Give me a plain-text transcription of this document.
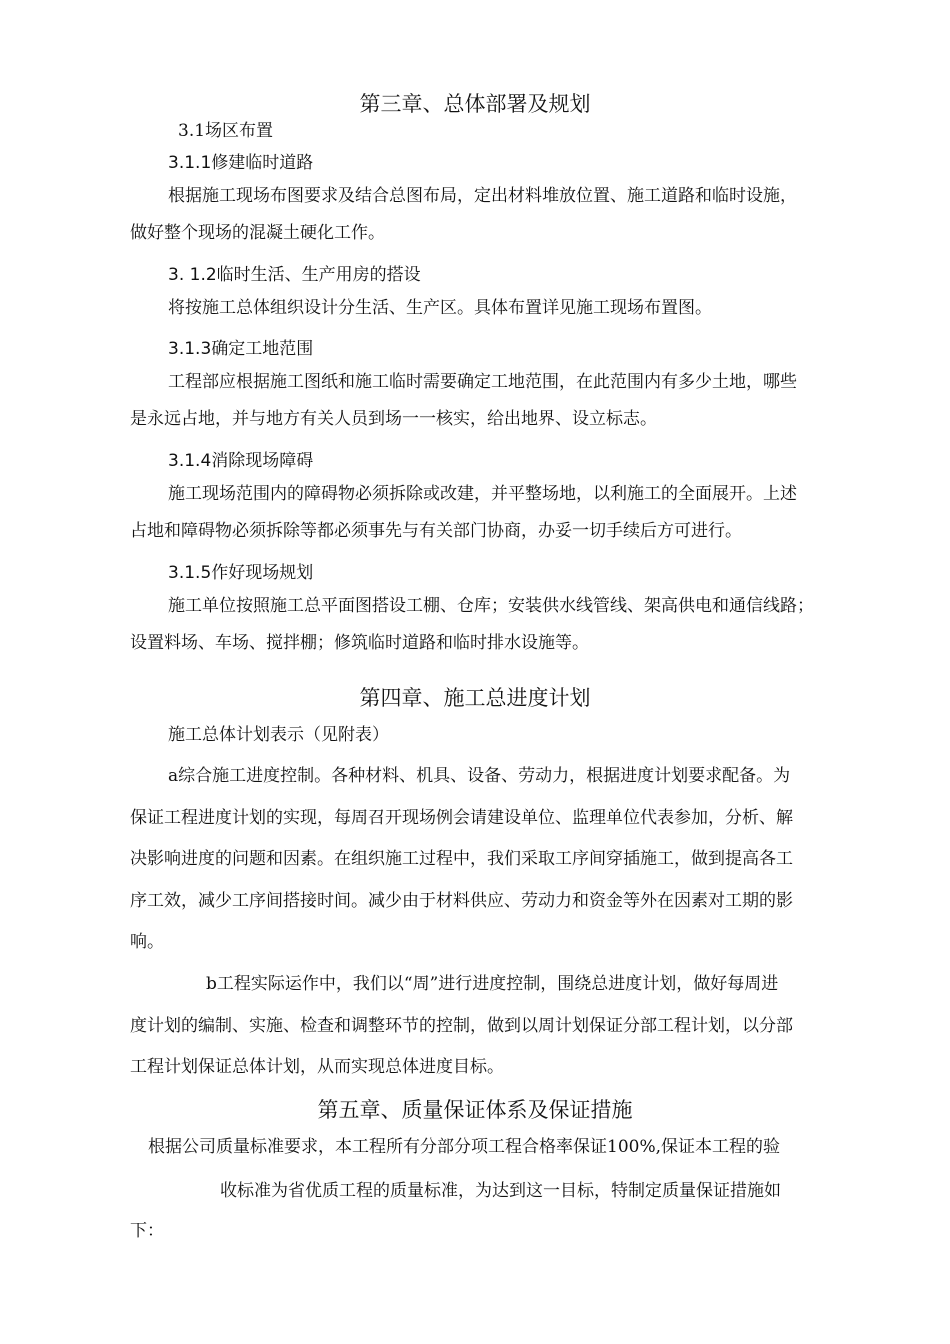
第三章、总体部署及规划
3.1场区布置
3.1.1修建临时道路
根据施工现场布图要求及结合总图布局，定出材料堆放位置、施工道路和临时设施，
做好整个现场的混凝土硬化工作。
3. 1.2临时生活、生产用房的搭设
将按施工总体组织设计分生活、生产区。具体布置详见施工现场布置图。
3.1.3确定工地范围
工程部应根据施工图纸和施工临时需要确定工地范围，在此范围内有多少土地，哪些
是永远占地，并与地方有关人员到场一一核实，给出地界、设立标志。
3.1.4消除现场障碍
施工现场范围内的障碍物必须拆除或改建，并平整场地，以利施工的全面展开。上述
占地和障碍物必须拆除等都必须事先与有关部门协商，办妥一切手续后方可进行。
3.1.5作好现场规划
施工单位按照施工总平面图搭设工棚、仓库；安装供水线管线、架高供电和通信线路；
设置料场、车场、搅拌棚；修筑临时道路和临时排水设施等。
第四章、施工总进度计划
施工总体计划表示（见附表）
a综合施工进度控制。各种材料、机具、设备、劳动力，根据进度计划要求配备。为
保证工程进度计划的实现，每周召开现场例会请建设单位、监理单位代表参加，分析、解
决影响进度的问题和因素。在组织施工过程中，我们采取工序间穿插施工，做到提高各工
序工效，减少工序间搭接时间。减少由于材料供应、劳动力和资金等外在因素对工期的影
响。
b工程实际运作中，我们以“周”进行进度控制，围绕总进度计划，做好每周进
度计划的编制、实施、检查和调整环节的控制，做到以周计划保证分部工程计划，以分部
工程计划保证总体计划，从而实现总体进度目标。
第五章、质量保证体系及保证措施
根据公司质量标准要求，本工程所有分部分项工程合格率保证100%,保证本工程的验
收标准为省优质工程的质量标准，为达到这一目标，特制定质量保证措施如
下：
